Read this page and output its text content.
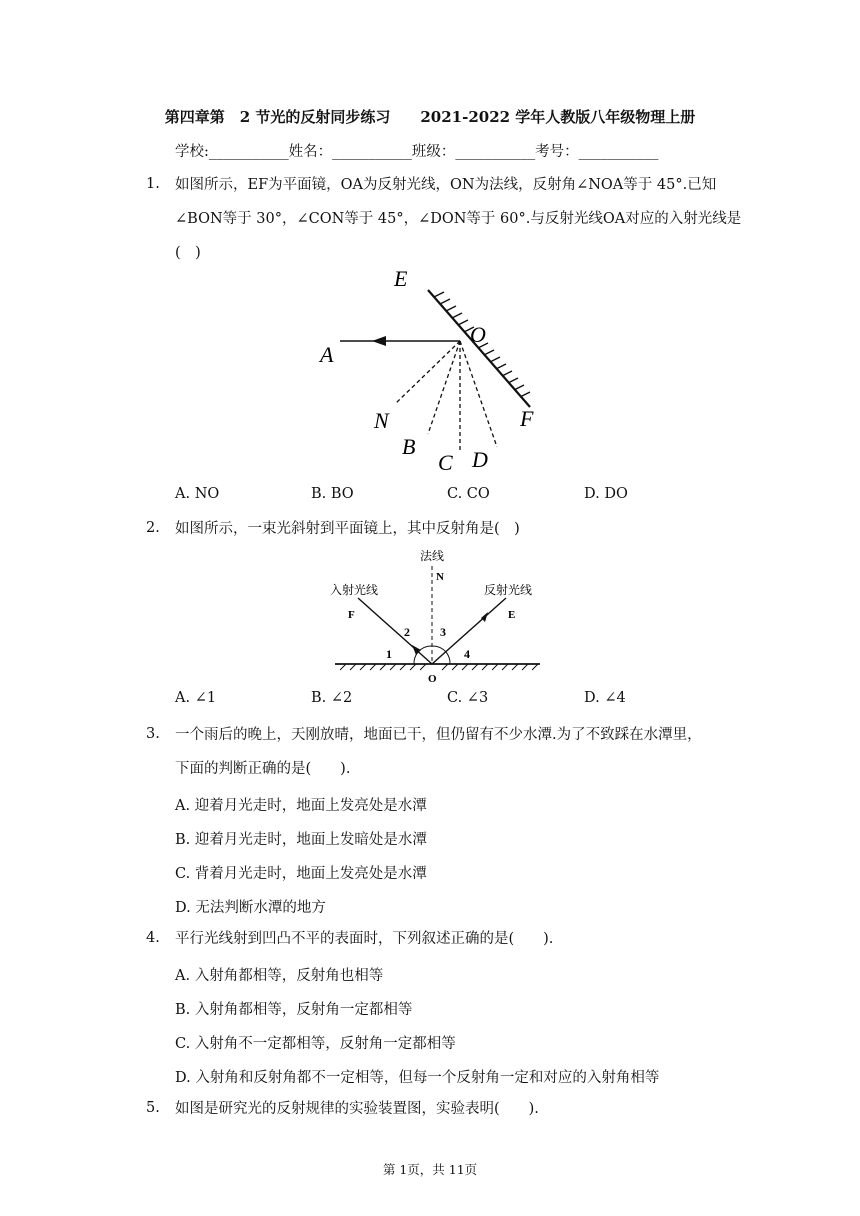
第四章第　2 节光的反射同步练习　　2021-2022 学年人教版八年级物理上册
学校:___________姓名：___________班级：___________考号：___________
1. 如图所示，EF为平面镜，OA为反射光线，ON为法线，反射角∠NOA等于 45°.已知
∠BON等于 30°，∠CON等于 45°，∠DON等于 60°.与反射光线OA对应的入射光线是
(　)
E
O
A
F
N
B
C D
A. NO	B. BO	C. CO	D. DO
2. 如图所示，一束光斜射到平面镜上，其中反射角是(　)
法线
N
入射光线	反射光线
F	E
1
2	3
4
O
A. ∠1	B. ∠2	C. ∠3	D. ∠4
3. 一个雨后的晚上，天刚放晴，地面已干，但仍留有不少水潭.为了不致踩在水潭里，
下面的判断正确的是(　　).
A. 迎着月光走时，地面上发亮处是水潭
B. 迎着月光走时，地面上发暗处是水潭
C. 背着月光走时，地面上发亮处是水潭
D. 无法判断水潭的地方
4. 平行光线射到凹凸不平的表面时，下列叙述正确的是(　　).
A. 入射角都相等，反射角也相等
B. 入射角都相等，反射角一定都相等
C. 入射角不一定都相等，反射角一定都相等
D. 入射角和反射角都不一定相等，但每一个反射角一定和对应的入射角相等
5. 如图是研究光的反射规律的实验装置图，实验表明(　　).
第 1页，共 11页
